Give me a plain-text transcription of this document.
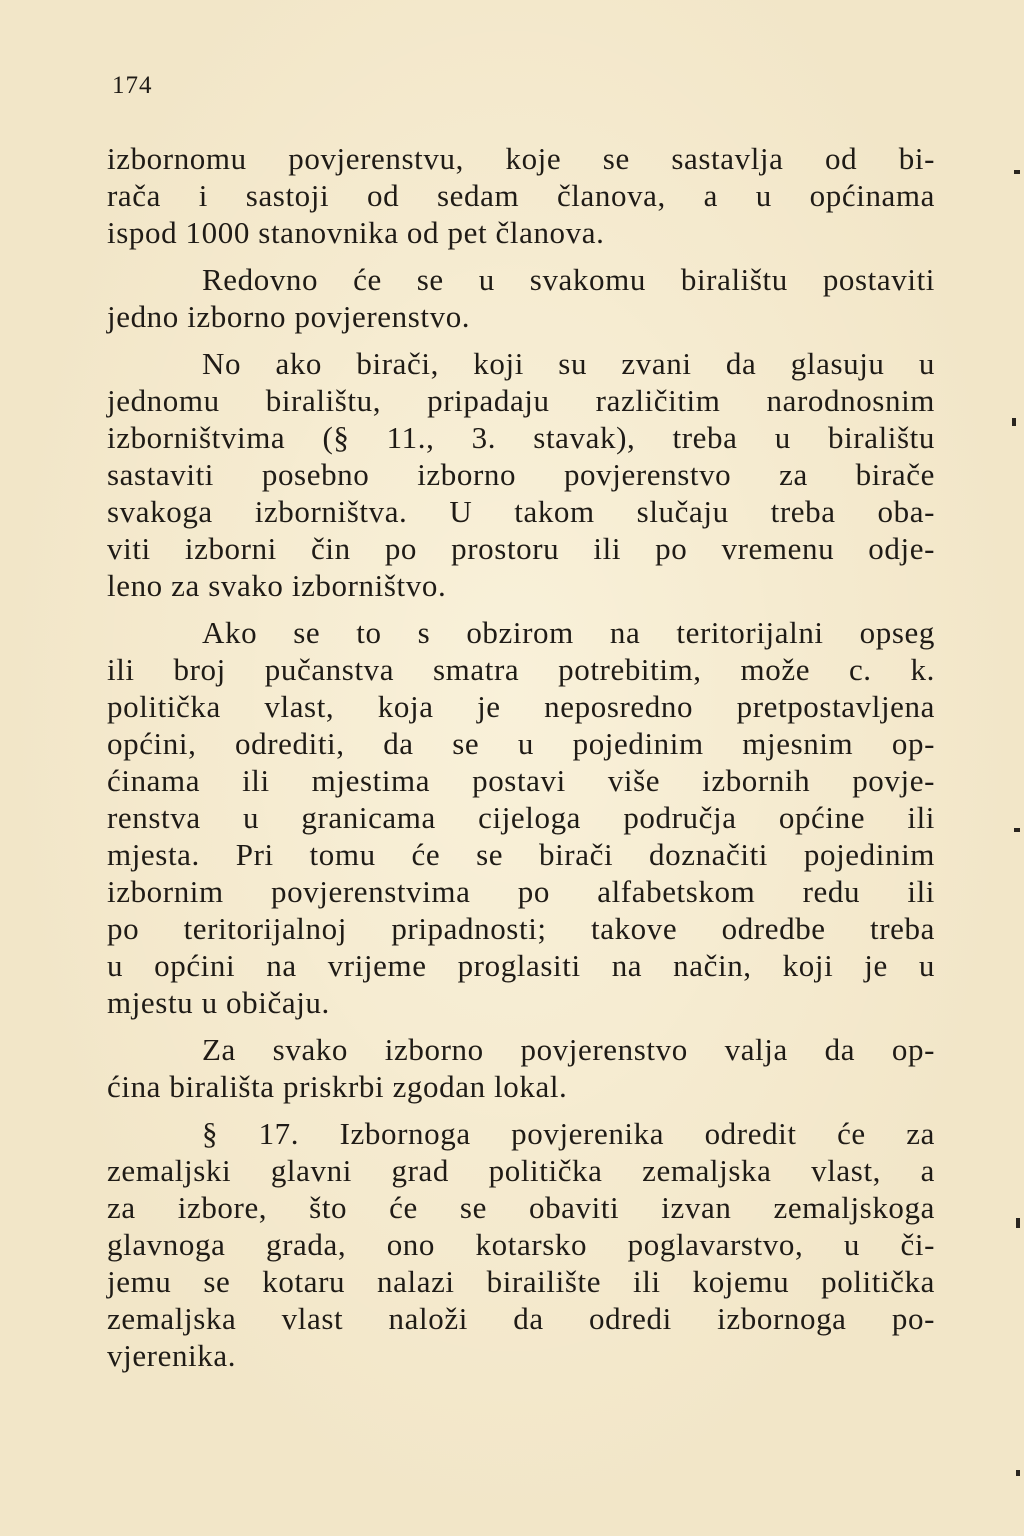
174
izbornomu povjerenstvu, koje se sastavlja od bi-
rača i sastoji od sedam članova, a u općinama
ispod 1000 stanovnika od pet članova.
Redovno će se u svakomu biralištu postaviti
jedno izborno povjerenstvo.
No ako birači, koji su zvani da glasuju u
jednomu biralištu, pripadaju različitim narodnosnim
izborništvima (§ 11., 3. stavak), treba u biralištu
sastaviti posebno izborno povjerenstvo za birače
svakoga izborništva. U takom slučaju treba oba-
viti izborni čin po prostoru ili po vremenu odje-
leno za svako izborništvo.
Ako se to s obzirom na teritorijalni opseg
ili broj pučanstva smatra potrebitim, može c. k.
politička vlast, koja je neposredno pretpostavljena
općini, odrediti, da se u pojedinim mjesnim op-
ćinama ili mjestima postavi više izbornih povje-
renstva u granicama cijeloga područja općine ili
mjesta. Pri tomu će se birači doznačiti pojedinim
izbornim povjerenstvima po alfabetskom redu ili
po teritorijalnoj pripadnosti; takove odredbe treba
u općini na vrijeme proglasiti na način, koji je u
mjestu u običaju.
Za svako izborno povjerenstvo valja da op-
ćina birališta priskrbi zgodan lokal.
§ 17. Izbornoga povjerenika odredit će za
zemaljski glavni grad politička zemaljska vlast, a
za izbore, što će se obaviti izvan zemaljskoga
glavnoga grada, ono kotarsko poglavarstvo, u či-
jemu se kotaru nalazi birailište ili kojemu politička
zemaljska vlast naloži da odredi izbornoga po-
vjerenika.
